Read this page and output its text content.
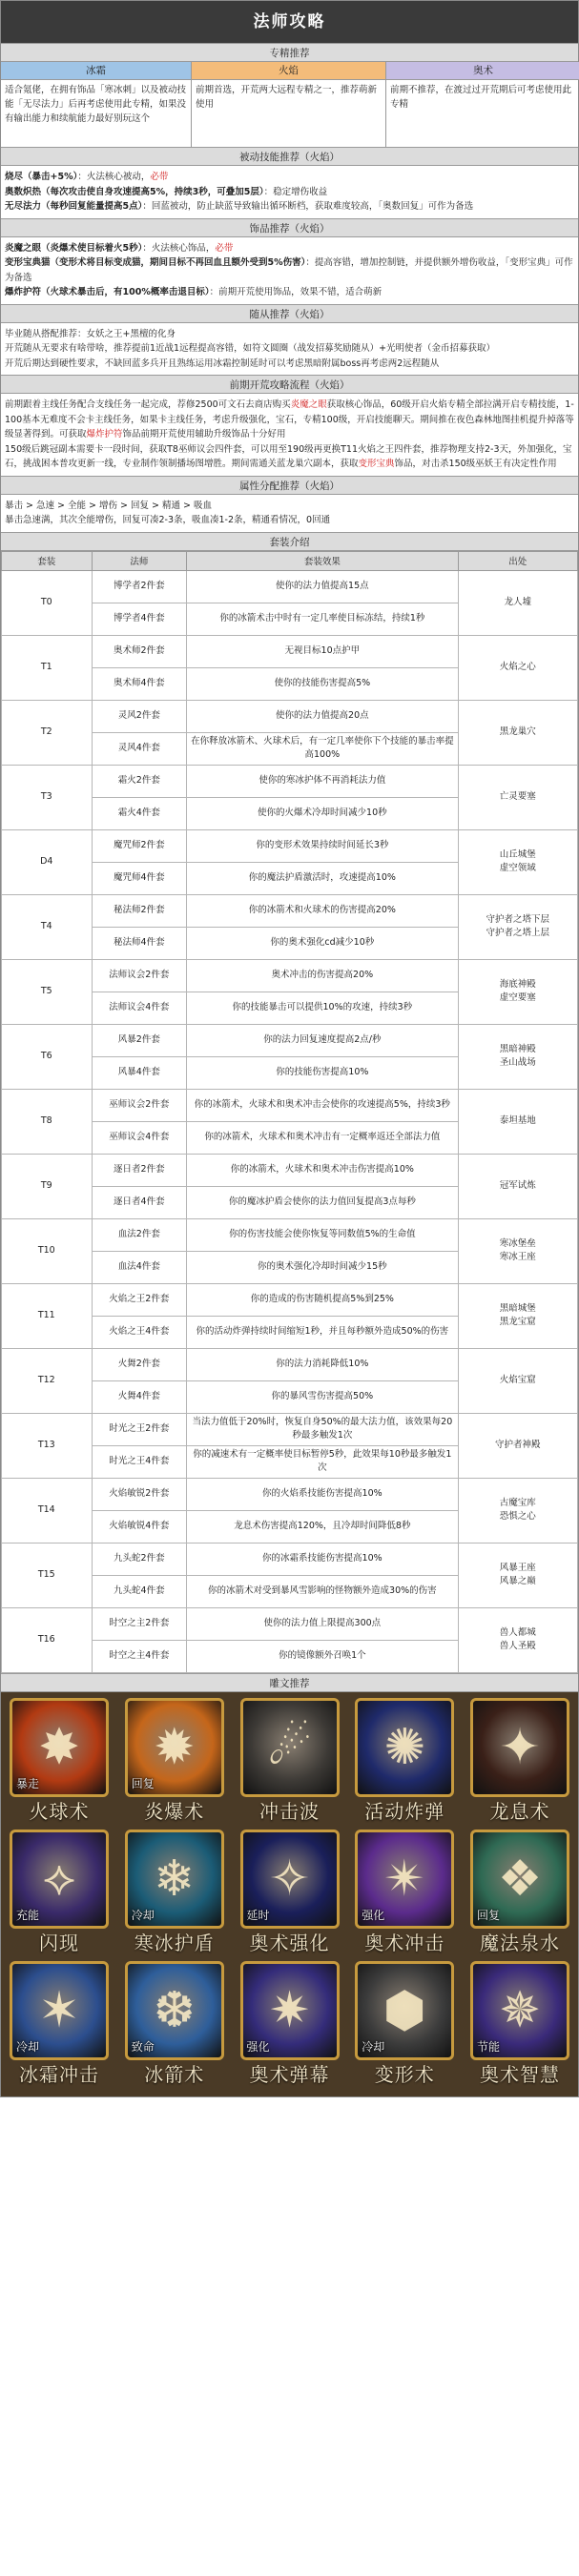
法师攻略
专精推荐
冰霜	火焰	奥术
适合氪佬，在拥有饰品「寒冰刺」以及被动技能「无尽法力」后再考虑使用此专精，如果没有输出能力和续航能力最好别玩这个
前期首选，开荒两大远程专精之一，推荐萌新使用
前期不推荐，在渡过过开荒期后可考虑使用此专精
被动技能推荐（火焰）
烧尽（暴击+5%）：火法核心被动，必带
奥数炽热（每次攻击使自身攻速提高5%，持续3秒，可叠加5层）：稳定增伤收益
无尽法力（每秒回复能量提高5点）：回蓝被动，防止缺蓝导致输出循环断档，获取难度较高，「奥数回复」可作为备选
饰品推荐（火焰）
炎魔之眼（炎爆术使目标着火5秒）：火法核心饰品，必带
变形宝典猫（变形术将目标变成猫，期间目标不再回血且额外受到5%伤害）：提高容错，增加控制链，并提供额外增伤收益，「变形宝典」可作为备选
爆炸护符（火球术暴击后，有100%概率击退目标）：前期开荒使用饰品，效果不错，适合萌新
随从推荐（火焰）
毕业随从搭配推荐：女妖之王+黑檀的化身
开荒随从无要求有啥带啥，推荐提前1近战1远程提高容错，如符文圆圈（战发招募奖励随从）+光明使者（金币招募获取）
开荒后期达到硬性要求，不缺回蓝多兵开且熟练运用冰霜控制延时可以考虑黑暗附属boss再考虑两2远程随从
前期开荒攻略流程（火焰）
前期跟着主线任务配合支线任务一起完成，荐修2500可文石去商店购买炎魔之眼获取核心饰品，60级开启火焰专精全部拉满开启专精技能，1-100基本无难度不会卡主线任务，如果卡主线任务，考虑升级强化，宝石，专精100级，开启技能聊天。期间推在夜色森林地图挂机提升掉落等级显著得到。可获取爆炸护符饰品前期开荒使用辅助升级饰品十分好用
150级后跳冠副本需要卡一段时间，获取T8巫师议会四件套，可以用至190级再更换T11火焰之王四件套，推荐物理支持2-3天，外加强化，宝石，挑战困本普攻更新一线，专业制作领制播场图增胜。期间需通关蓝龙巢穴副本，获取变形宝典饰品，对击杀150级巫妖王有决定性作用
属性分配推荐（火焰）
暴击 > 急速 > 全能 > 增伤 > 回复 > 精通 > 吸血
暴击急速满，其次全能增伤，回复可凑2-3条，吸血凑1-2条，精通看情况，0回通
套装介绍
套装	法师	套装效果	出处
T0	博学者2件套	使你的法力值提高15点	龙人墟
	博学者4件套	你的冰箭术击中时有一定几率使目标冻结，持续1秒	
T1	奥术师2件套	无视目标10点护甲	火焰之心
	奥术师4件套	使你的技能伤害提高5%	
T2	灵风2件套	使你的法力值提高20点	黑龙巢穴
	灵风4件套	在你释放冰箭术、火球术后，有一定几率使你下个技能的暴击率提高100%	
T3	霜火2件套	使你的寒冰护体不再消耗法力值	亡灵要塞
	霜火4件套	使你的火爆术冷却时间减少10秒	
D4	魔咒师2件套	你的变形术效果持续时间延长3秒	山丘城堡
虚空领域
	魔咒师4件套	你的魔法护盾激活时，攻速提高10%	
T4	秘法师2件套	你的冰箭术和火球术的伤害提高20%	守护者之塔下层
守护者之塔上层
	秘法师4件套	你的奥术强化cd减少10秒	
T5	法师议会2件套	奥术冲击的伤害提高20%	海底神殿
虚空要塞
	法师议会4件套	你的技能暴击可以提供10%的攻速，持续3秒	
T6	风暴2件套	你的法力回复速度提高2点/秒	黑暗神殿
圣山战场
	风暴4件套	你的技能伤害提高10%	
T8	巫师议会2件套	你的冰箭术，火球术和奥术冲击会使你的攻速提高5%，持续3秒	泰坦基地
	巫师议会4件套	你的冰箭术，火球术和奥术冲击有一定概率返还全部法力值	
T9	逐日者2件套	你的冰箭术，火球术和奥术冲击伤害提高10%	冠军试炼
	逐日者4件套	你的魔冰护盾会使你的法力值回复提高3点每秒	
T10	血法2件套	你的伤害技能会使你恢复等同数值5%的生命值	寒冰堡垒
寒冰王座
	血法4件套	你的奥术强化冷却时间减少15秒	
T11	火焰之王2件套	你的造成的伤害随机提高5%到25%	黑暗城堡
黑龙宝窟
	火焰之王4件套	你的活动炸弹持续时间缩短1秒，并且每秒额外造成50%的伤害	
T12	火舞2件套	你的法力消耗降低10%	火焰宝窟
	火舞4件套	你的暴风雪伤害提高50%	
T13	时光之王2件套	当法力值低于20%时，恢复自身50%的最大法力值，该效果每20秒最多触发1次	守护者神殿
	时光之王4件套	你的减速术有一定概率使目标暂停5秒，此效果每10秒最多触发1次	
T14	火焰敏锐2件套	你的火焰系技能伤害提高10%	古魔宝库
恐惧之心
	火焰敏锐4件套	龙息术伤害提高120%，且冷却时间降低8秒	
T15	九头蛇2件套	你的冰霜系技能伤害提高10%	风暴王座
风暴之巅
	九头蛇4件套	你的冰箭术对受到暴风雪影响的怪物额外造成30%的伤害	
T16	时空之主2件套	使你的法力值上限提高300点	兽人都城
兽人圣殿
	时空之主4件套	你的镜像额外召唤1个	
雕文推荐
✸
暴走
火球术
✹
回复
炎爆术
☄
冲击波
✺
活动炸弹
✦
龙息术
⟡
充能
闪现
❄
冷却
寒冰护盾
✧
延时
奥术强化
✴
强化
奥术冲击
❖
回复
魔法泉水
✶
冷却
冰霜冲击
❆
致命
冰箭术
✷
强化
奥术弹幕
⬢
冷却
变形术
✵
节能
奥术智慧
